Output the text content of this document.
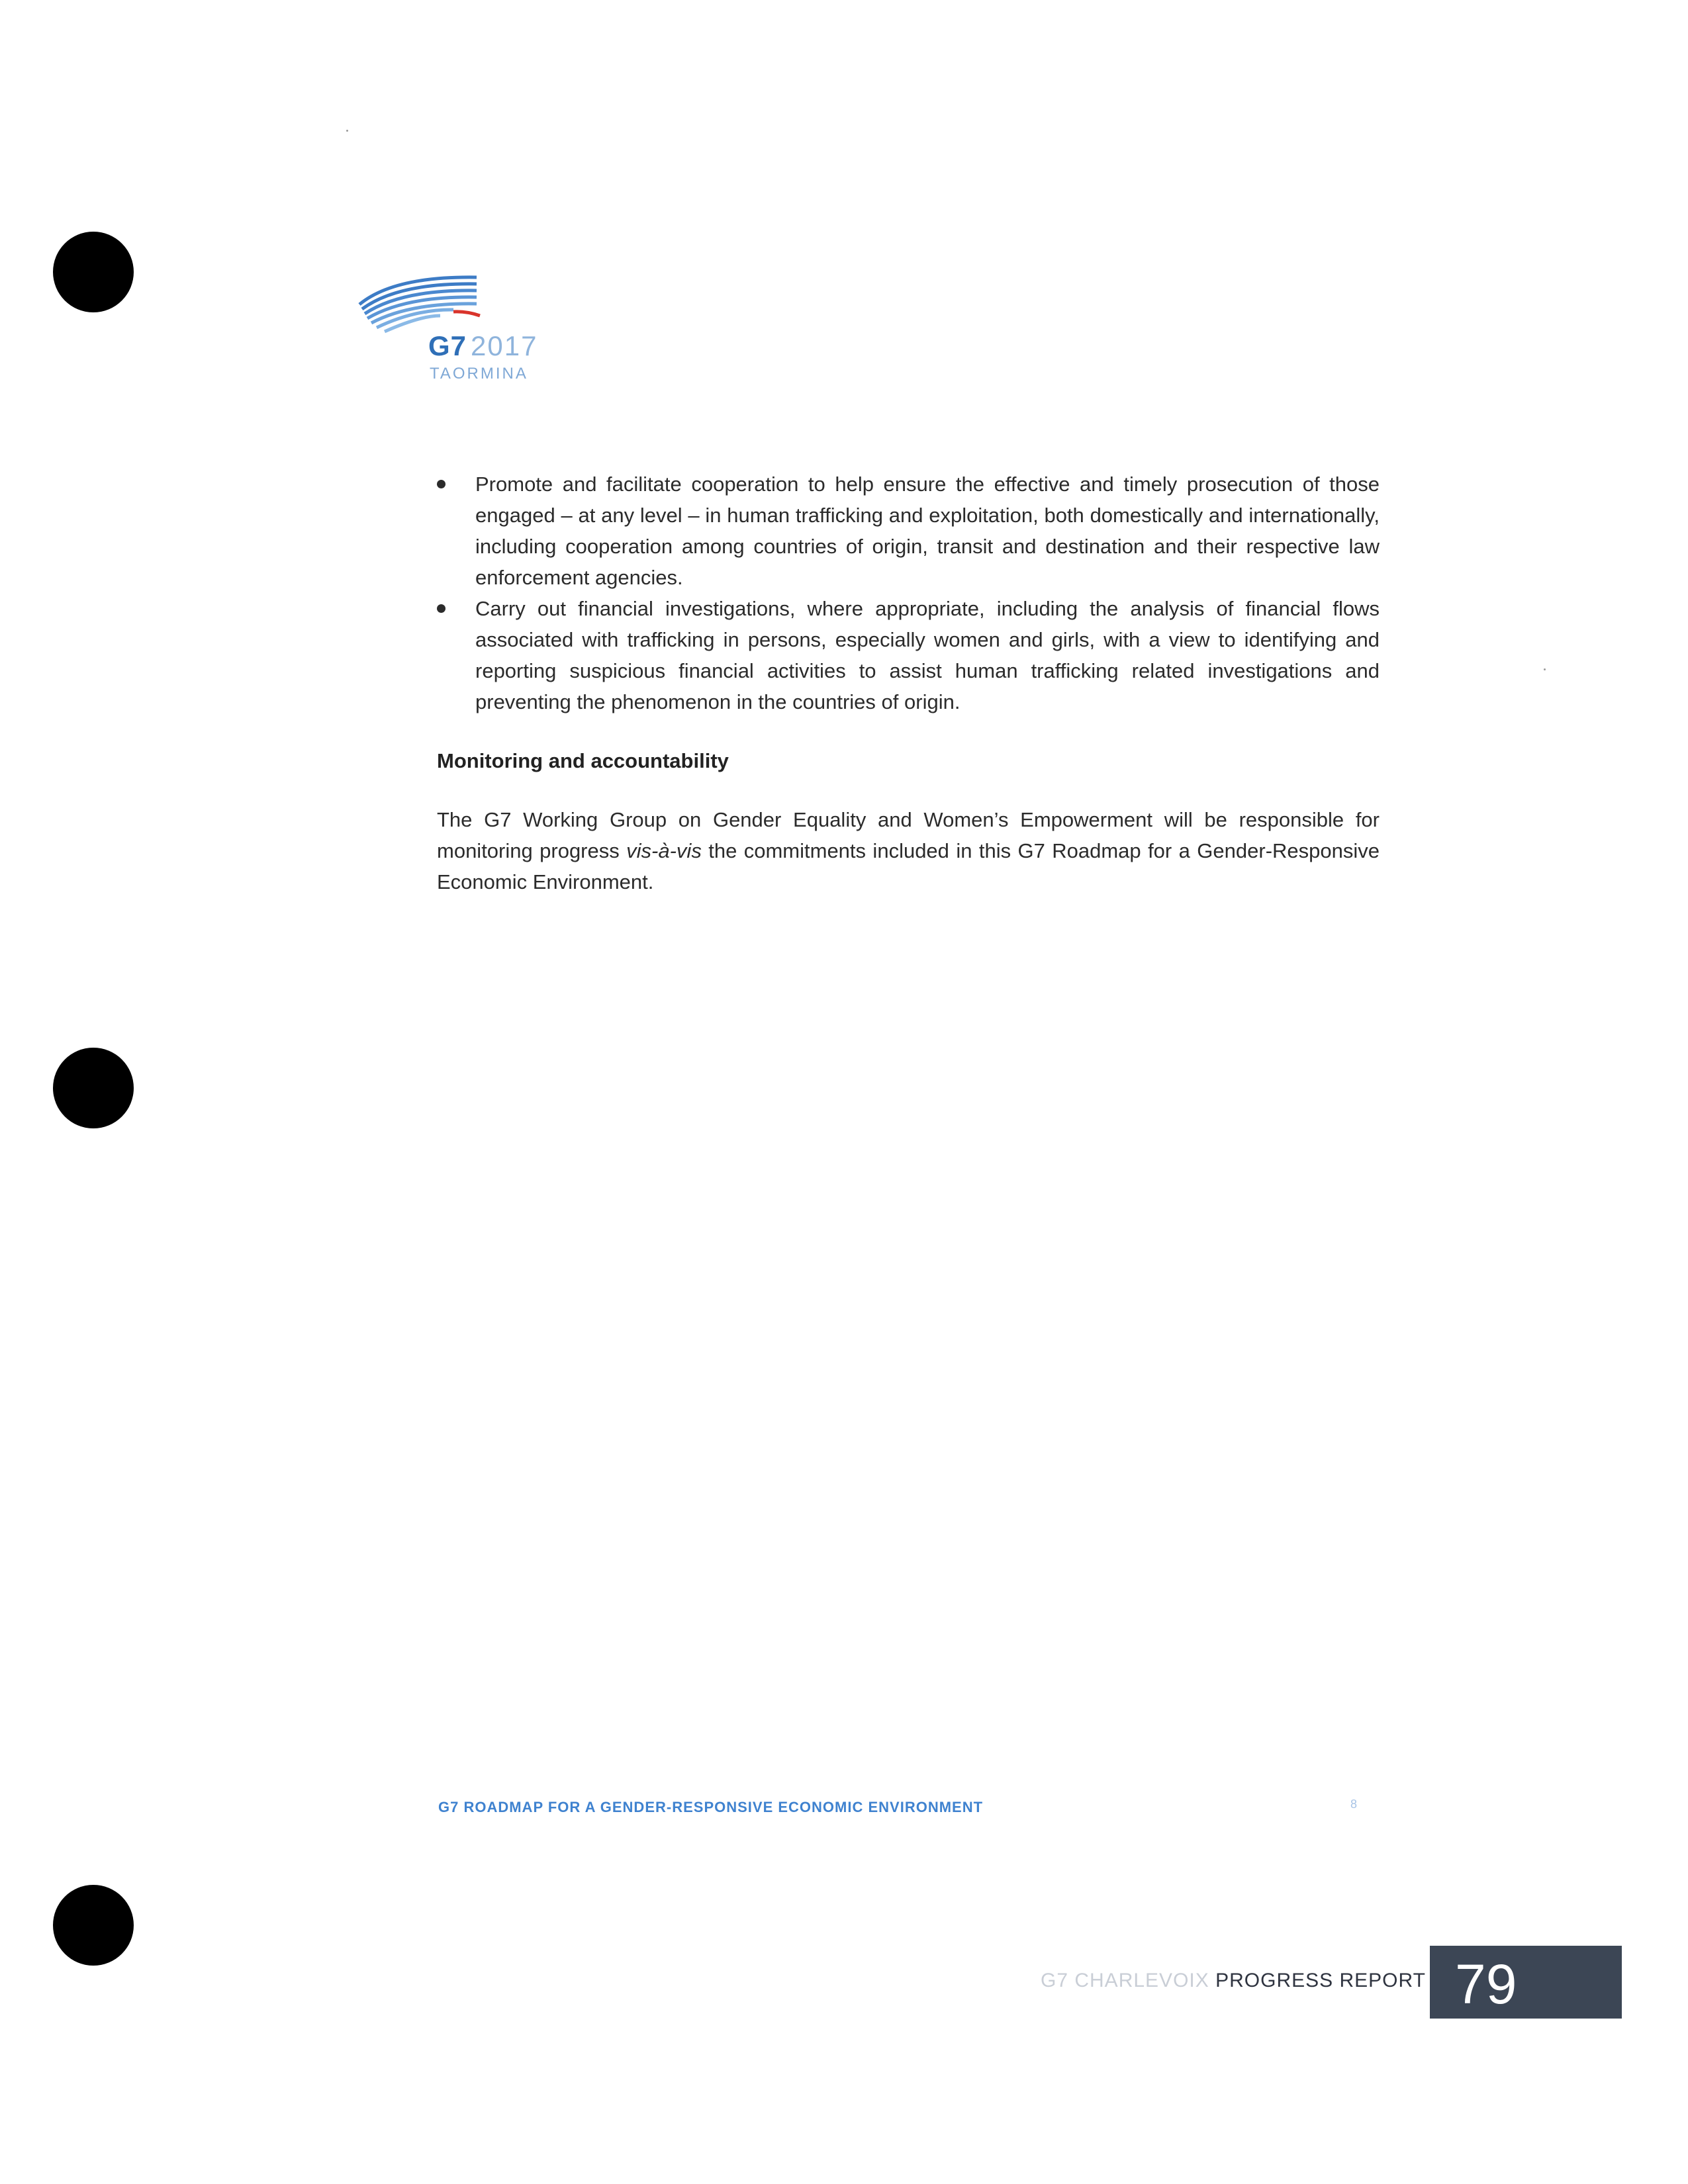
G7 2017
TAORMINA
Promote and facilitate cooperation to help ensure the effective and timely prosecution of those engaged – at any level – in human trafficking and exploitation, both domestically and internationally, including cooperation among countries of origin, transit and destination and their respective law enforcement agencies.
Carry out financial investigations, where appropriate, including the analysis of financial flows associated with trafficking in persons, especially women and girls, with a view to identifying and reporting suspicious financial activities to assist human trafficking related investigations and preventing the phenomenon in the countries of origin.
Monitoring and accountability

The G7 Working Group on Gender Equality and Women’s Empowerment will be responsible for monitoring progress vis-à-vis the commitments included in this G7 Roadmap for a Gender-Responsive Economic Environment.

G7 ROADMAP FOR A GENDER-RESPONSIVE ECONOMIC ENVIRONMENT	8
G7 CHARLEVOIX PROGRESS REPORT 79
